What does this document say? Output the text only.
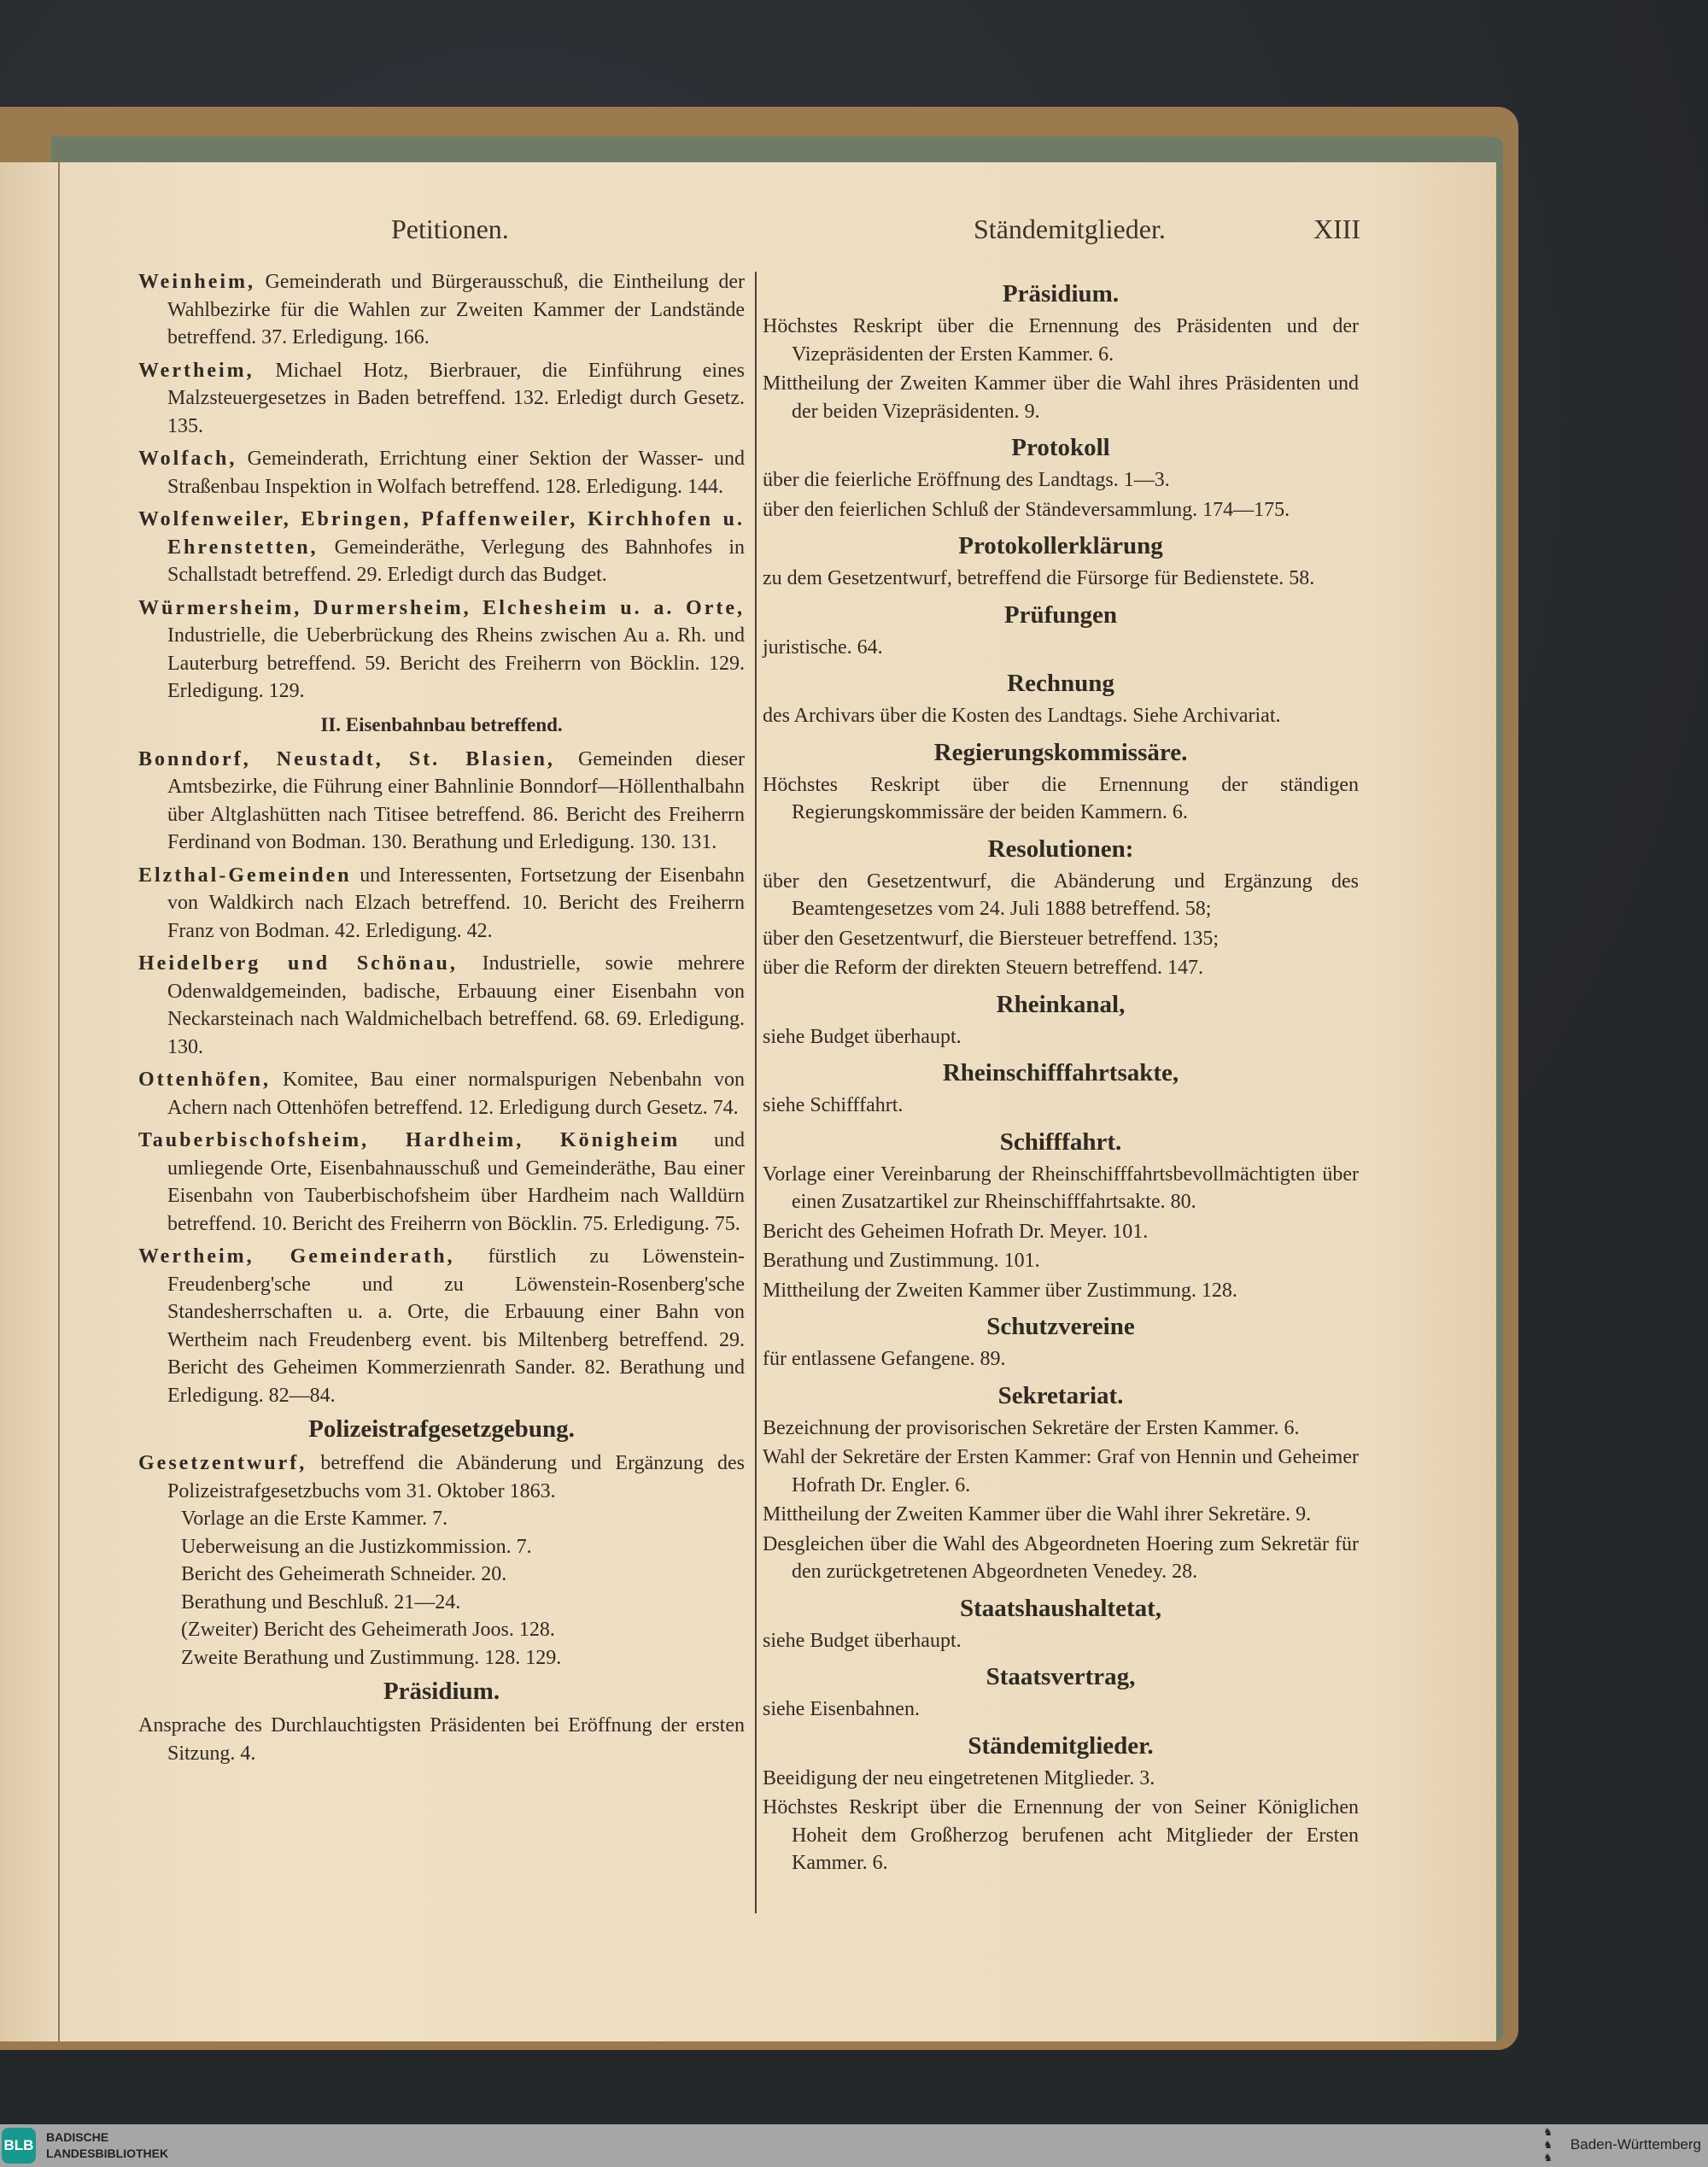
Petitionen.	Ständemitglieder.	XIII
Weinheim, Gemeinderath und Bürgerausschuß, die Eintheilung der Wahlbezirke für die Wahlen zur Zweiten Kammer der Landstände betreffend. 37. Erledigung. 166.
Wertheim, Michael Hotz, Bierbrauer, die Einführung eines Malzsteuergesetzes in Baden betreffend. 132. Erledigt durch Gesetz. 135.
Wolfach, Gemeinderath, Errichtung einer Sektion der Wasser- und Straßenbau Inspektion in Wolfach betreffend. 128. Erledigung. 144.
Wolfenweiler, Ebringen, Pfaffenweiler, Kirchhofen u. Ehrenstetten, Gemeinderäthe, Verlegung des Bahnhofes in Schallstadt betreffend. 29. Erledigt durch das Budget.
Würmersheim, Durmersheim, Elchesheim u. a. Orte, Industrielle, die Ueberbrückung des Rheins zwischen Au a. Rh. und Lauterburg betreffend. 59. Bericht des Freiherrn von Böcklin. 129. Erledigung. 129.
II. Eisenbahnbau betreffend.
Bonndorf, Neustadt, St. Blasien, Gemeinden dieser Amtsbezirke, die Führung einer Bahnlinie Bonndorf—Höllenthalbahn über Altglashütten nach Titisee betreffend. 86. Bericht des Freiherrn Ferdinand von Bodman. 130. Berathung und Erledigung. 130. 131.
Elzthal-Gemeinden und Interessenten, Fortsetzung der Eisenbahn von Waldkirch nach Elzach betreffend. 10. Bericht des Freiherrn Franz von Bodman. 42. Erledigung. 42.
Heidelberg und Schönau, Industrielle, sowie mehrere Odenwaldgemeinden, badische, Erbauung einer Eisenbahn von Neckarsteinach nach Waldmichelbach betreffend. 68. 69. Erledigung. 130.
Ottenhöfen, Komitee, Bau einer normalspurigen Nebenbahn von Achern nach Ottenhöfen betreffend. 12. Erledigung durch Gesetz. 74.
Tauberbischofsheim, Hardheim, Königheim und umliegende Orte, Eisenbahnausschuß und Gemeinderäthe, Bau einer Eisenbahn von Tauberbischofsheim über Hardheim nach Walldürn betreffend. 10. Bericht des Freiherrn von Böcklin. 75. Erledigung. 75.
Wertheim, Gemeinderath, fürstlich zu Löwenstein-Freudenberg'sche und zu Löwenstein-Rosenberg'sche Standesherrschaften u. a. Orte, die Erbauung einer Bahn von Wertheim nach Freudenberg event. bis Miltenberg betreffend. 29. Bericht des Geheimen Kommerzienrath Sander. 82. Berathung und Erledigung. 82—84.
Polizeistrafgesetzgebung.
Gesetzentwurf, betreffend die Abänderung und Ergänzung des Polizeistrafgesetzbuchs vom 31. Oktober 1863.
Vorlage an die Erste Kammer. 7.
Ueberweisung an die Justizkommission. 7.
Bericht des Geheimerath Schneider. 20.
Berathung und Beschluß. 21—24.
(Zweiter) Bericht des Geheimerath Joos. 128.
Zweite Berathung und Zustimmung. 128. 129.
Präsidium.
Ansprache des Durchlauchtigsten Präsidenten bei Eröffnung der ersten Sitzung. 4.
Präsidium.
Höchstes Reskript über die Ernennung des Präsidenten und der Vizepräsidenten der Ersten Kammer. 6.
Mittheilung der Zweiten Kammer über die Wahl ihres Präsidenten und der beiden Vizepräsidenten. 9.
Protokoll
über die feierliche Eröffnung des Landtags. 1—3.
über den feierlichen Schluß der Ständeversammlung. 174—175.
Protokollerklärung
zu dem Gesetzentwurf, betreffend die Fürsorge für Bedienstete. 58.
Prüfungen
juristische. 64.
Rechnung
des Archivars über die Kosten des Landtags. Siehe Archivariat.
Regierungskommissäre.
Höchstes Reskript über die Ernennung der ständigen Regierungskommissäre der beiden Kammern. 6.
Resolutionen:
über den Gesetzentwurf, die Abänderung und Ergänzung des Beamtengesetzes vom 24. Juli 1888 betreffend. 58;
über den Gesetzentwurf, die Biersteuer betreffend. 135;
über die Reform der direkten Steuern betreffend. 147.
Rheinkanal,
siehe Budget überhaupt.
Rheinschifffahrtsakte,
siehe Schifffahrt.
Schifffahrt.
Vorlage einer Vereinbarung der Rheinschifffahrtsbevollmächtigten über einen Zusatzartikel zur Rheinschifffahrtsakte. 80.
Bericht des Geheimen Hofrath Dr. Meyer. 101.
Berathung und Zustimmung. 101.
Mittheilung der Zweiten Kammer über Zustimmung. 128.
Schutzvereine
für entlassene Gefangene. 89.
Sekretariat.
Bezeichnung der provisorischen Sekretäre der Ersten Kammer. 6.
Wahl der Sekretäre der Ersten Kammer: Graf von Hennin und Geheimer Hofrath Dr. Engler. 6.
Mittheilung der Zweiten Kammer über die Wahl ihrer Sekretäre. 9.
Desgleichen über die Wahl des Abgeordneten Hoering zum Sekretär für den zurückgetretenen Abgeordneten Venedey. 28.
Staatshaushaltetat,
siehe Budget überhaupt.
Staatsvertrag,
siehe Eisenbahnen.
Ständemitglieder.
Beeidigung der neu eingetretenen Mitglieder. 3.
Höchstes Reskript über die Ernennung der von Seiner Königlichen Hoheit dem Großherzog berufenen acht Mitglieder der Ersten Kammer. 6.
BLB BADISCHE
LANDESBIBLIOTHEK
♞
♞
♞
Baden-Württemberg
